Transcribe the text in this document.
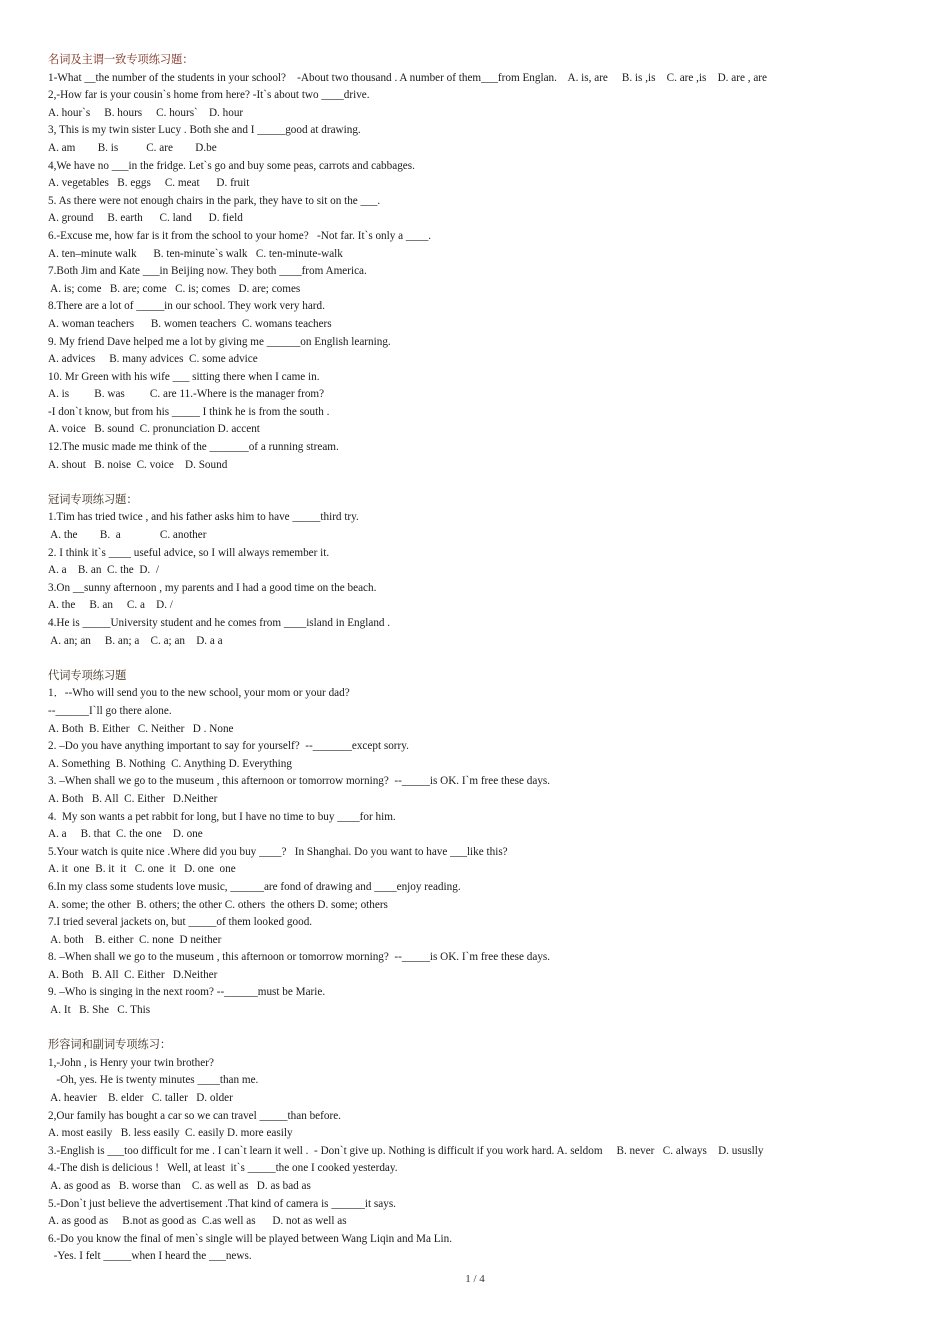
名词及主谓一致专项练习题：
1-What __the number of the students in your school?    -About two thousand . A number of them___from Englan.    A. is, are     B. is ,is    C. are ,is    D. are , are
2,-How far is your cousin`s home from here? -It`s about two ____drive.
A. hour`s     B. hours     C. hours`    D. hour
3, This is my twin sister Lucy . Both she and I _____good at drawing.
A. am        B. is          C. are        D.be
4,We have no ___in the fridge. Let`s go and buy some peas, carrots and cabbages.
A. vegetables   B. eggs     C. meat      D. fruit
5. As there were not enough chairs in the park, they have to sit on the ___.
A. ground     B. earth      C. land      D. field
6.-Excuse me, how far is it from the school to your home?   -Not far. It`s only a ____.
A. ten–minute walk      B. ten-minute`s walk   C. ten-minute-walk
7.Both Jim and Kate ___in Beijing now. They both ____from America.
A. is; come   B. are; come   C. is; comes   D. are; comes
8.There are a lot of _____in our school. They work very hard.
A. woman teachers      B. women teachers  C. womans teachers
9. My friend Dave helped me a lot by giving me ______on English learning.
A. advices     B. many advices  C. some advice
10. Mr Green with his wife ___ sitting there when I came in.
A. is         B. was         C. are 11.-Where is the manager from?
-I don`t know, but from his _____ I think he is from the south .
A. voice   B. sound  C. pronunciation D. accent
12.The music made me think of the _______of a running stream.
A. shout   B. noise  C. voice    D. Sound
冠词专项练习题：
1.Tim has tried twice , and his father asks him to have _____third try.
A. the        B.  a              C. another
2. I think it`s ____ useful advice, so I will always remember it.
A. a    B. an  C. the  D.  /
3.On __sunny afternoon , my parents and I had a good time on the beach.
A. the     B. an     C. a    D. /
4.He is _____University student and he comes from ____island in England .
A. an; an     B. an; a    C. a; an    D. a a
代词专项练习题
1．--Who will send you to the new school, your mom or your dad?
--______I`ll go there alone.
A. Both  B. Either   C. Neither   D . None
2. –Do you have anything important to say for yourself?  --_______except sorry.
A. Something  B. Nothing  C. Anything D. Everything
3. –When shall we go to the museum , this afternoon or tomorrow morning?  --_____is OK. I`m free these days.
A. Both   B. All  C. Either   D.Neither
4.  My son wants a pet rabbit for long, but I have no time to buy ____for him.
A. a     B. that  C. the one    D. one
5.Your watch is quite nice .Where did you buy ____?   In Shanghai. Do you want to have ___like this?
A. it  one  B. it  it   C. one  it   D. one  one
6.In my class some students love music, ______are fond of drawing and ____enjoy reading.
A. some; the other  B. others; the other C. others  the others D. some; others
7.I tried several jackets on, but _____of them looked good.
A. both    B. either  C. none  D neither
8. –When shall we go to the museum , this afternoon or tomorrow morning?  --_____is OK. I`m free these days.
A. Both   B. All  C. Either   D.Neither
9. –Who is singing in the next room? --______must be Marie.
A. It   B. She   C. This
形容词和副词专项练习：
1,-John , is Henry your twin brother?
-Oh, yes. He is twenty minutes ____than me.
A. heavier    B. elder   C. taller   D. older
2,Our family has bought a car so we can travel _____than before.
A. most easily   B. less easily  C. easily D. more easily
3.-English is ___too difficult for me . I can`t learn it well .  - Don`t give up. Nothing is difficult if you work hard. A. seldom     B. never   C. always    D. ususlly
4.-The dish is delicious !   Well, at least  it`s _____the one I cooked yesterday.
A. as good as   B. worse than    C. as well as   D. as bad as
5.-Don`t just believe the advertisement .That kind of camera is ______it says.
A. as good as     B.not as good as  C.as well as      D. not as well as
6.-Do you know the final of men`s single will be played between Wang Liqin and Ma Lin.
-Yes. I felt _____when I heard the ___news.
1 / 4
